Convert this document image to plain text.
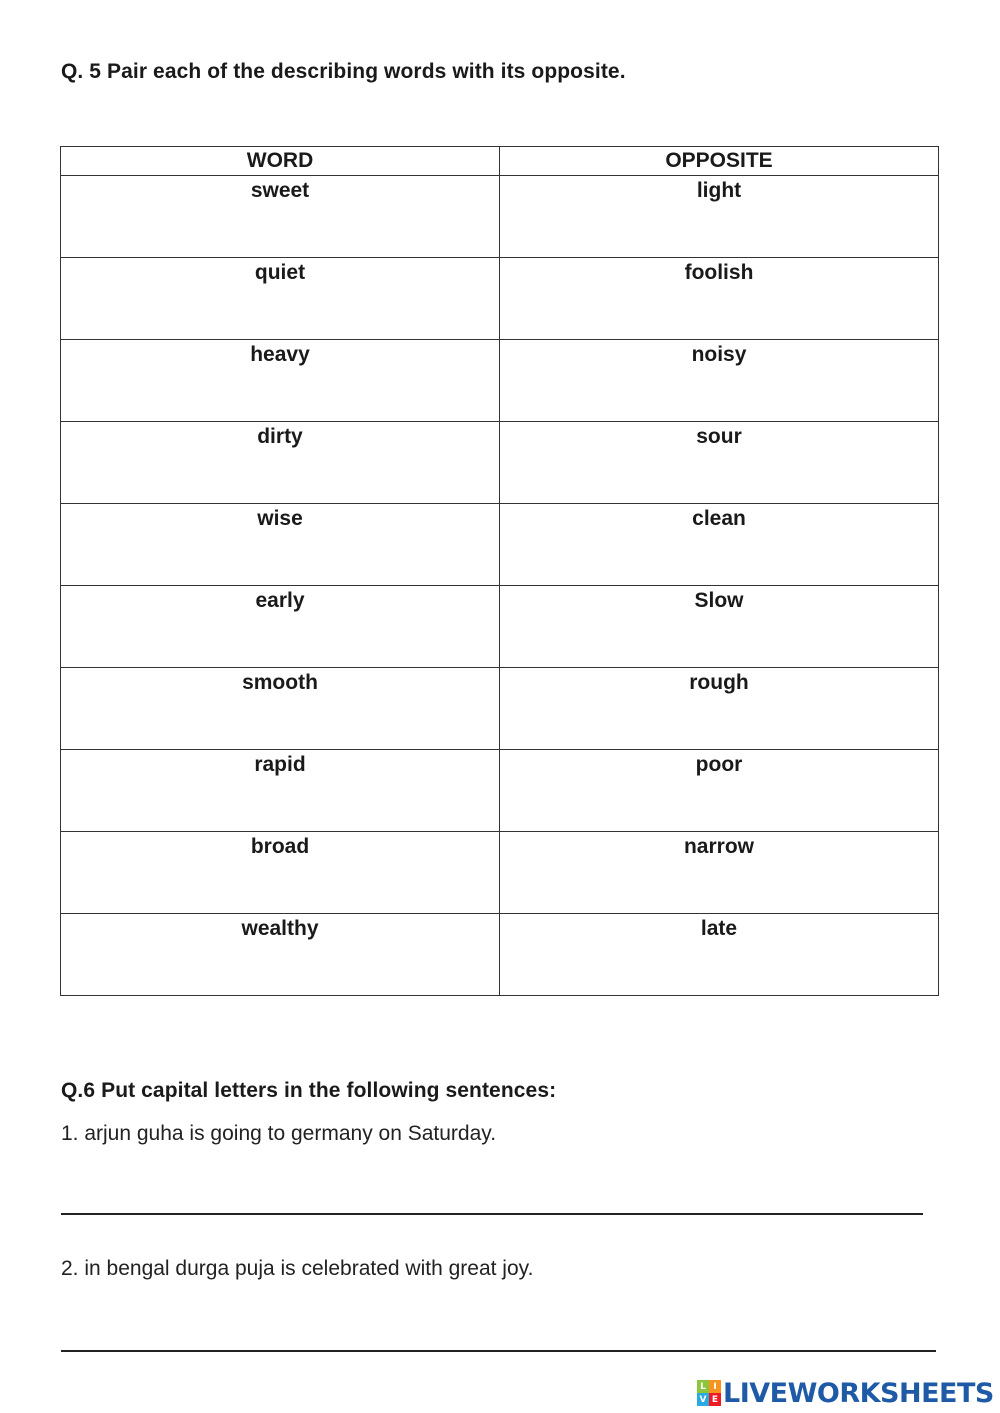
Q. 5 Pair each of the describing words with its opposite.
WORD	OPPOSITE

sweet	light

quiet	foolish

heavy	noisy

dirty	sour

wise	clean

early	Slow

smooth	rough

rapid	poor

broad	narrow

wealthy	late
Q.6 Put capital letters in the following sentences:
1. arjun guha is going to germany on Saturday.
2. in bengal durga puja is celebrated with great joy.
L I
V E LIVEWORKSHEETS
